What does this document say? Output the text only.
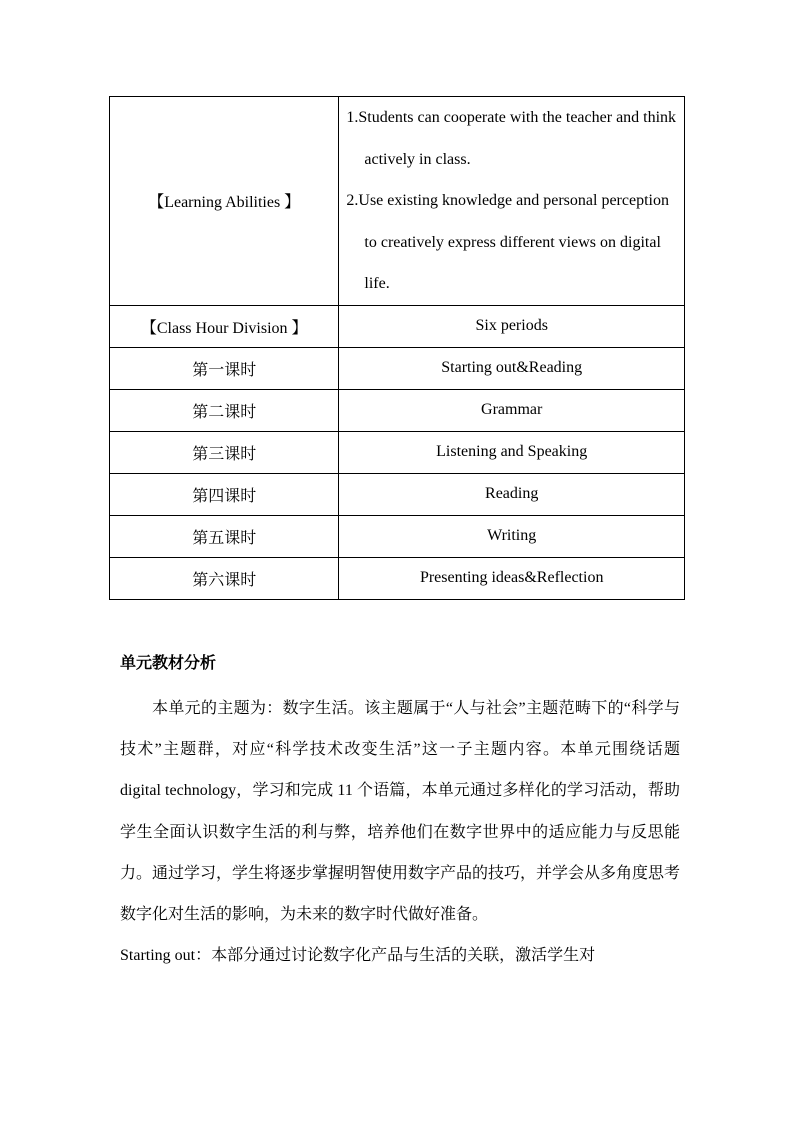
【Learning Abilities 】	1.Students can cooperate with the teacher and think actively in class.
2.Use existing knowledge and personal perception to creatively express different views on digital life.

【Class Hour Division 】	Six periods
第一课时	Starting out&Reading
第二课时	Grammar
第三课时	Listening and Speaking
第四课时	Reading
第五课时	Writing
第六课时	Presenting ideas&Reflection
单元教材分析

本单元的主题为：数字生活。该主题属于“人与社会”主题范畴下的“科学与技术”主题群，对应“科学技术改变生活”这一子主题内容。本单元围绕话题 digital technology，学习和完成 11 个语篇，本单元通过多样化的学习活动，帮助学生全面认识数字生活的利与弊，培养他们在数字世界中的适应能力与反思能力。通过学习，学生将逐步掌握明智使用数字产品的技巧，并学会从多角度思考数字化对生活的影响，为未来的数字时代做好准备。

Starting out：本部分通过讨论数字化产品与生活的关联，激活学生对
